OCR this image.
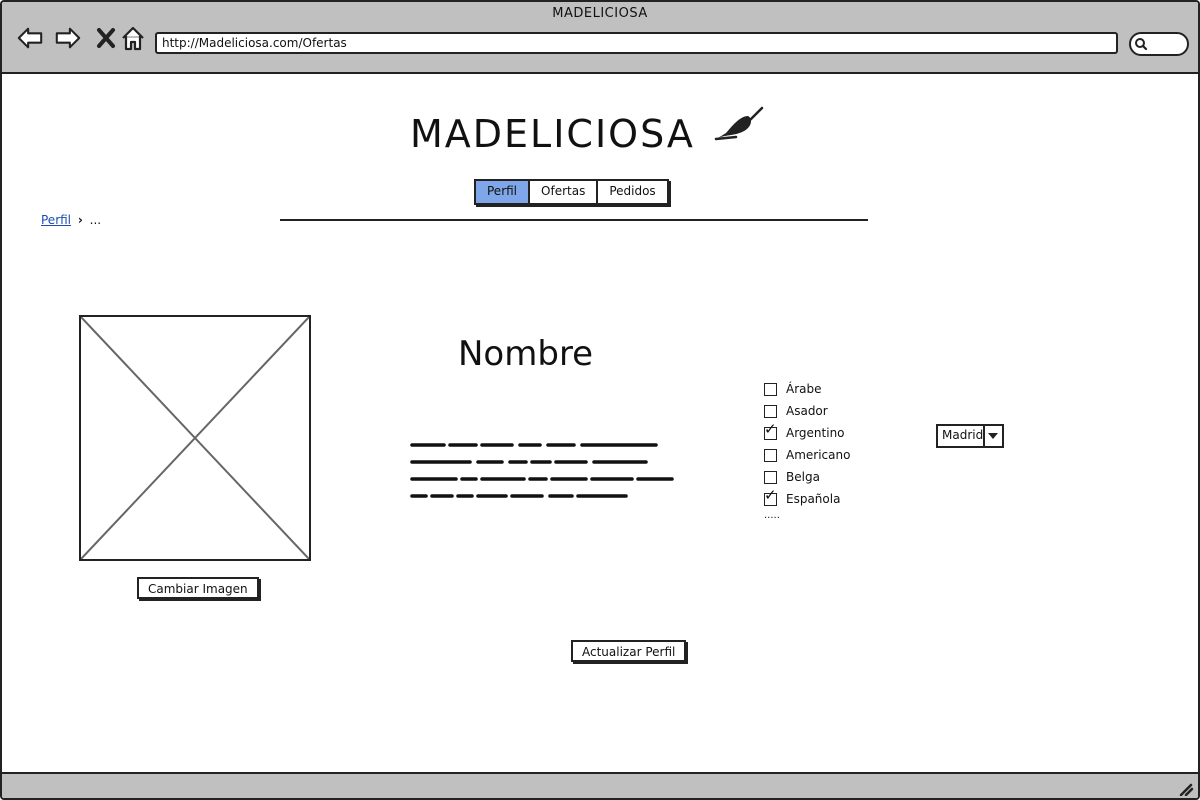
MADELICIOSA
http://Madeliciosa.com/Ofertas
MADELICIOSA
Perfil	Ofertas	Pedidos
Perfil › ...
Cambiar Imagen
Nombre
Árabe
Asador
✓ Argentino
Americano
Belga
✓ Española
.....
Madrid
Actualizar Perfil
